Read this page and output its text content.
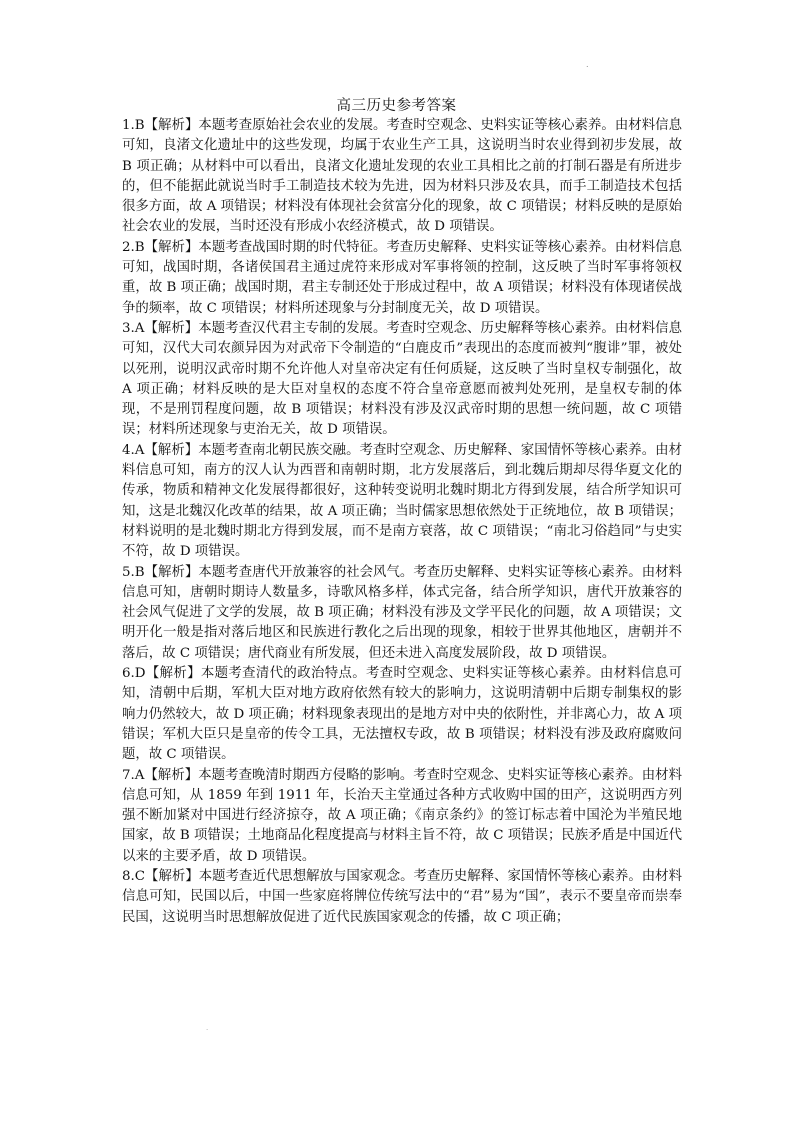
.
高三历史参考答案

1.B【解析】本题考查原始社会农业的发展。考查时空观念、史料实证等核心素养。由材料信息可知，良渚文化遗址中的这些发现，均属于农业生产工具，这说明当时农业得到初步发展，故 B 项正确；从材料中可以看出，良渚文化遗址发现的农业工具相比之前的打制石器是有所进步的，但不能据此就说当时手工制造技术较为先进，因为材料只涉及农具，而手工制造技术包括很多方面，故 A 项错误；材料没有体现社会贫富分化的现象，故 C 项错误；材料反映的是原始社会农业的发展，当时还没有形成小农经济模式，故 D 项错误。

2.B【解析】本题考查战国时期的时代特征。考查历史解释、史料实证等核心素养。由材料信息可知，战国时期，各诸侯国君主通过虎符来形成对军事将领的控制，这反映了当时军事将领权重，故 B 项正确；战国时期，君主专制还处于形成过程中，故 A 项错误；材料没有体现诸侯战争的频率，故 C 项错误；材料所述现象与分封制度无关，故 D 项错误。

3.A【解析】本题考查汉代君主专制的发展。考查时空观念、历史解释等核心素养。由材料信息可知，汉代大司农颜异因为对武帝下令制造的“白鹿皮币”表现出的态度而被判“腹诽”罪，被处以死刑，说明汉武帝时期不允许他人对皇帝决定有任何质疑，这反映了当时皇权专制强化，故 A 项正确；材料反映的是大臣对皇权的态度不符合皇帝意愿而被判处死刑，是皇权专制的体现，不是刑罚程度问题，故 B 项错误；材料没有涉及汉武帝时期的思想一统问题，故 C 项错误；材料所述现象与吏治无关，故 D 项错误。

4.A【解析】本题考查南北朝民族交融。考查时空观念、历史解释、家国情怀等核心素养。由材料信息可知，南方的汉人认为西晋和南朝时期，北方发展落后，到北魏后期却尽得华夏文化的传承，物质和精神文化发展得都很好，这种转变说明北魏时期北方得到发展，结合所学知识可知，这是北魏汉化改革的结果，故 A 项正确；当时儒家思想依然处于正统地位，故 B 项错误；材料说明的是北魏时期北方得到发展，而不是南方衰落，故 C 项错误；“南北习俗趋同”与史实不符，故 D 项错误。

5.B【解析】本题考查唐代开放兼容的社会风气。考查历史解释、史料实证等核心素养。由材料信息可知，唐朝时期诗人数量多，诗歌风格多样，体式完备，结合所学知识，唐代开放兼容的社会风气促进了文学的发展，故 B 项正确；材料没有涉及文学平民化的问题，故 A 项错误；文明开化一般是指对落后地区和民族进行教化之后出现的现象，相较于世界其他地区，唐朝并不落后，故 C 项错误；唐代商业有所发展，但还未进入高度发展阶段，故 D 项错误。

6.D【解析】本题考查清代的政治特点。考查时空观念、史料实证等核心素养。由材料信息可知，清朝中后期，军机大臣对地方政府依然有较大的影响力，这说明清朝中后期专制集权的影响力仍然较大，故 D 项正确；材料现象表现出的是地方对中央的依附性，并非离心力，故 A 项错误；军机大臣只是皇帝的传令工具，无法擅权专政，故 B 项错误；材料没有涉及政府腐败问题，故 C 项错误。

7.A【解析】本题考查晚清时期西方侵略的影响。考查时空观念、史料实证等核心素养。由材料信息可知，从 1859 年到 1911 年，长治天主堂通过各种方式收购中国的田产，这说明西方列强不断加紧对中国进行经济掠夺，故 A 项正确；《南京条约》的签订标志着中国沦为半殖民地国家，故 B 项错误；土地商品化程度提高与材料主旨不符，故 C 项错误；民族矛盾是中国近代以来的主要矛盾，故 D 项错误。

8.C【解析】本题考查近代思想解放与国家观念。考查历史解释、家国情怀等核心素养。由材料信息可知，民国以后，中国一些家庭将牌位传统写法中的“君”易为“国”，表示不要皇帝而崇奉民国，这说明当时思想解放促进了近代民族国家观念的传播，故 C 项正确；

.
